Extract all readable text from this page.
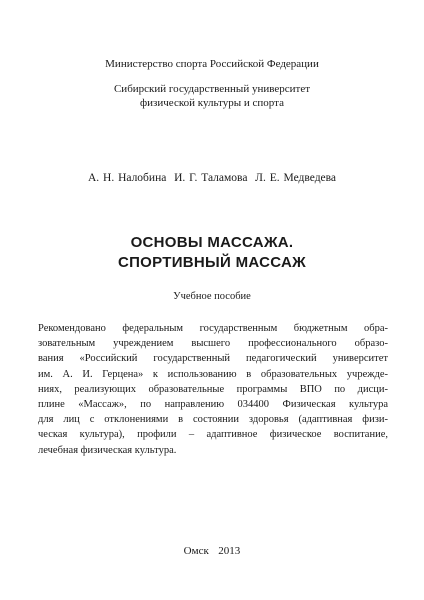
Министерство спорта Российской Федерации
Сибирский государственный университет
физической культуры и спорта
А. Н. Налобина  И. Г. Таламова  Л. Е. Медведева
ОСНОВЫ МАССАЖА.
СПОРТИВНЫЙ МАССАЖ
Учебное пособие
Рекомендовано федеральным государственным бюджетным обра-
зовательным учреждением высшего профессионального образо-
вания «Российский государственный педагогический университет
им. А. И. Герцена» к использованию в образовательных учрежде-
ниях, реализующих образовательные программы ВПО по дисци-
плине «Массаж», по направлению 034400 Физическая культура
для лиц с отклонениями в состоянии здоровья (адаптивная физи-
ческая культура), профили – адаптивное физическое воспитание,
лечебная физическая культура.
Омск  2013
